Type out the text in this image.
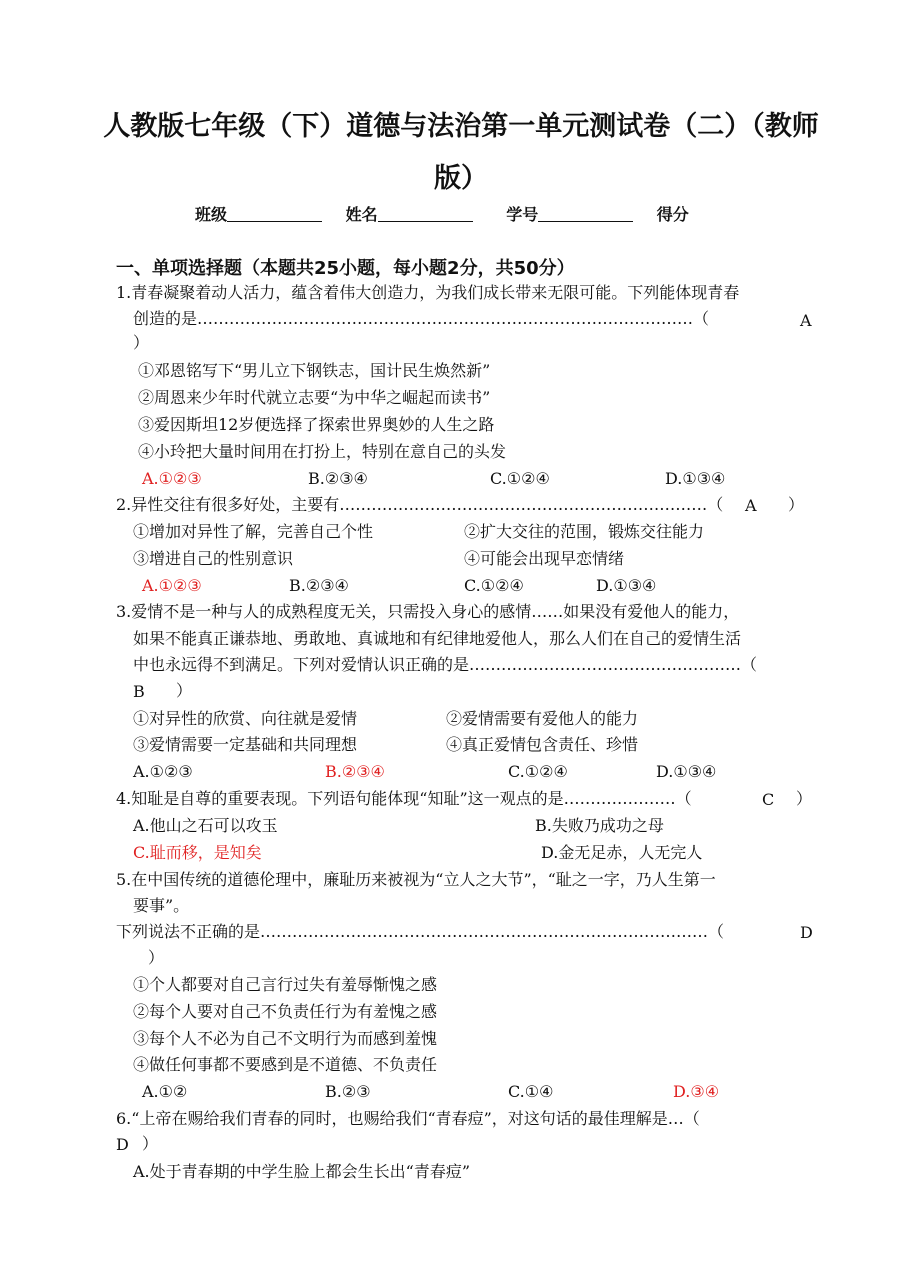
人教版七年级（下）道德与法治第一单元测试卷（二）（教师
版）
班级	姓名	学号	得分
一、单项选择题（本题共25小题，每小题2分，共50分）
1.青春凝聚着动人活力，蕴含着伟大创造力，为我们成长带来无限可能。下列能体现青春
创造的是…………………………………………………………………………………（	A
）
①邓恩铭写下“男儿立下钢铁志，国计民生焕然新”
②周恩来少年时代就立志要“为中华之崛起而读书”
③爱因斯坦12岁便选择了探索世界奥妙的人生之路
④小玲把大量时间用在打扮上，特别在意自己的头发
A.①②③	B.②③④	C.①②④	D.①③④
2.异性交往有很多好处，主要有……………………………………………………………（ A ）
①增加对异性了解，完善自己个性	②扩大交往的范围，锻炼交往能力
③增进自己的性别意识	④可能会出现早恋情绪
A.①②③	B.②③④	C.①②④	D.①③④
3.爱情不是一种与人的成熟程度无关，只需投入身心的感情……如果没有爱他人的能力，
如果不能真正谦恭地、勇敢地、真诚地和有纪律地爱他人，那么人们在自己的爱情生活
中也永远得不到满足。下列对爱情认识正确的是……………………………………………（
B ）
①对异性的欣赏、向往就是爱情	②爱情需要有爱他人的能力
③爱情需要一定基础和共同理想	④真正爱情包含责任、珍惜
A.①②③	B.②③④	C.①②④	D.①③④
4.知耻是自尊的重要表现。下列语句能体现“知耻”这一观点的是…………………（	C ）
A.他山之石可以攻玉	B.失败乃成功之母
C.耻而移，是知矣	D.金无足赤，人无完人
5.在中国传统的道德伦理中，廉耻历来被视为“立人之大节”，“耻之一字，乃人生第一
要事”。
下列说法不正确的是…………………………………………………………………………（	D
）
①个人都要对自己言行过失有羞辱惭愧之感
②每个人要对自己不负责任行为有羞愧之感
③每个人不必为自己不文明行为而感到羞愧
④做任何事都不要感到是不道德、不负责任
A.①②	B.②③	C.①④	D.③④
6.“上帝在赐给我们青春的同时，也赐给我们“青春痘”，对这句话的最佳理解是…（
D ）
A.处于青春期的中学生脸上都会生长出“青春痘”
